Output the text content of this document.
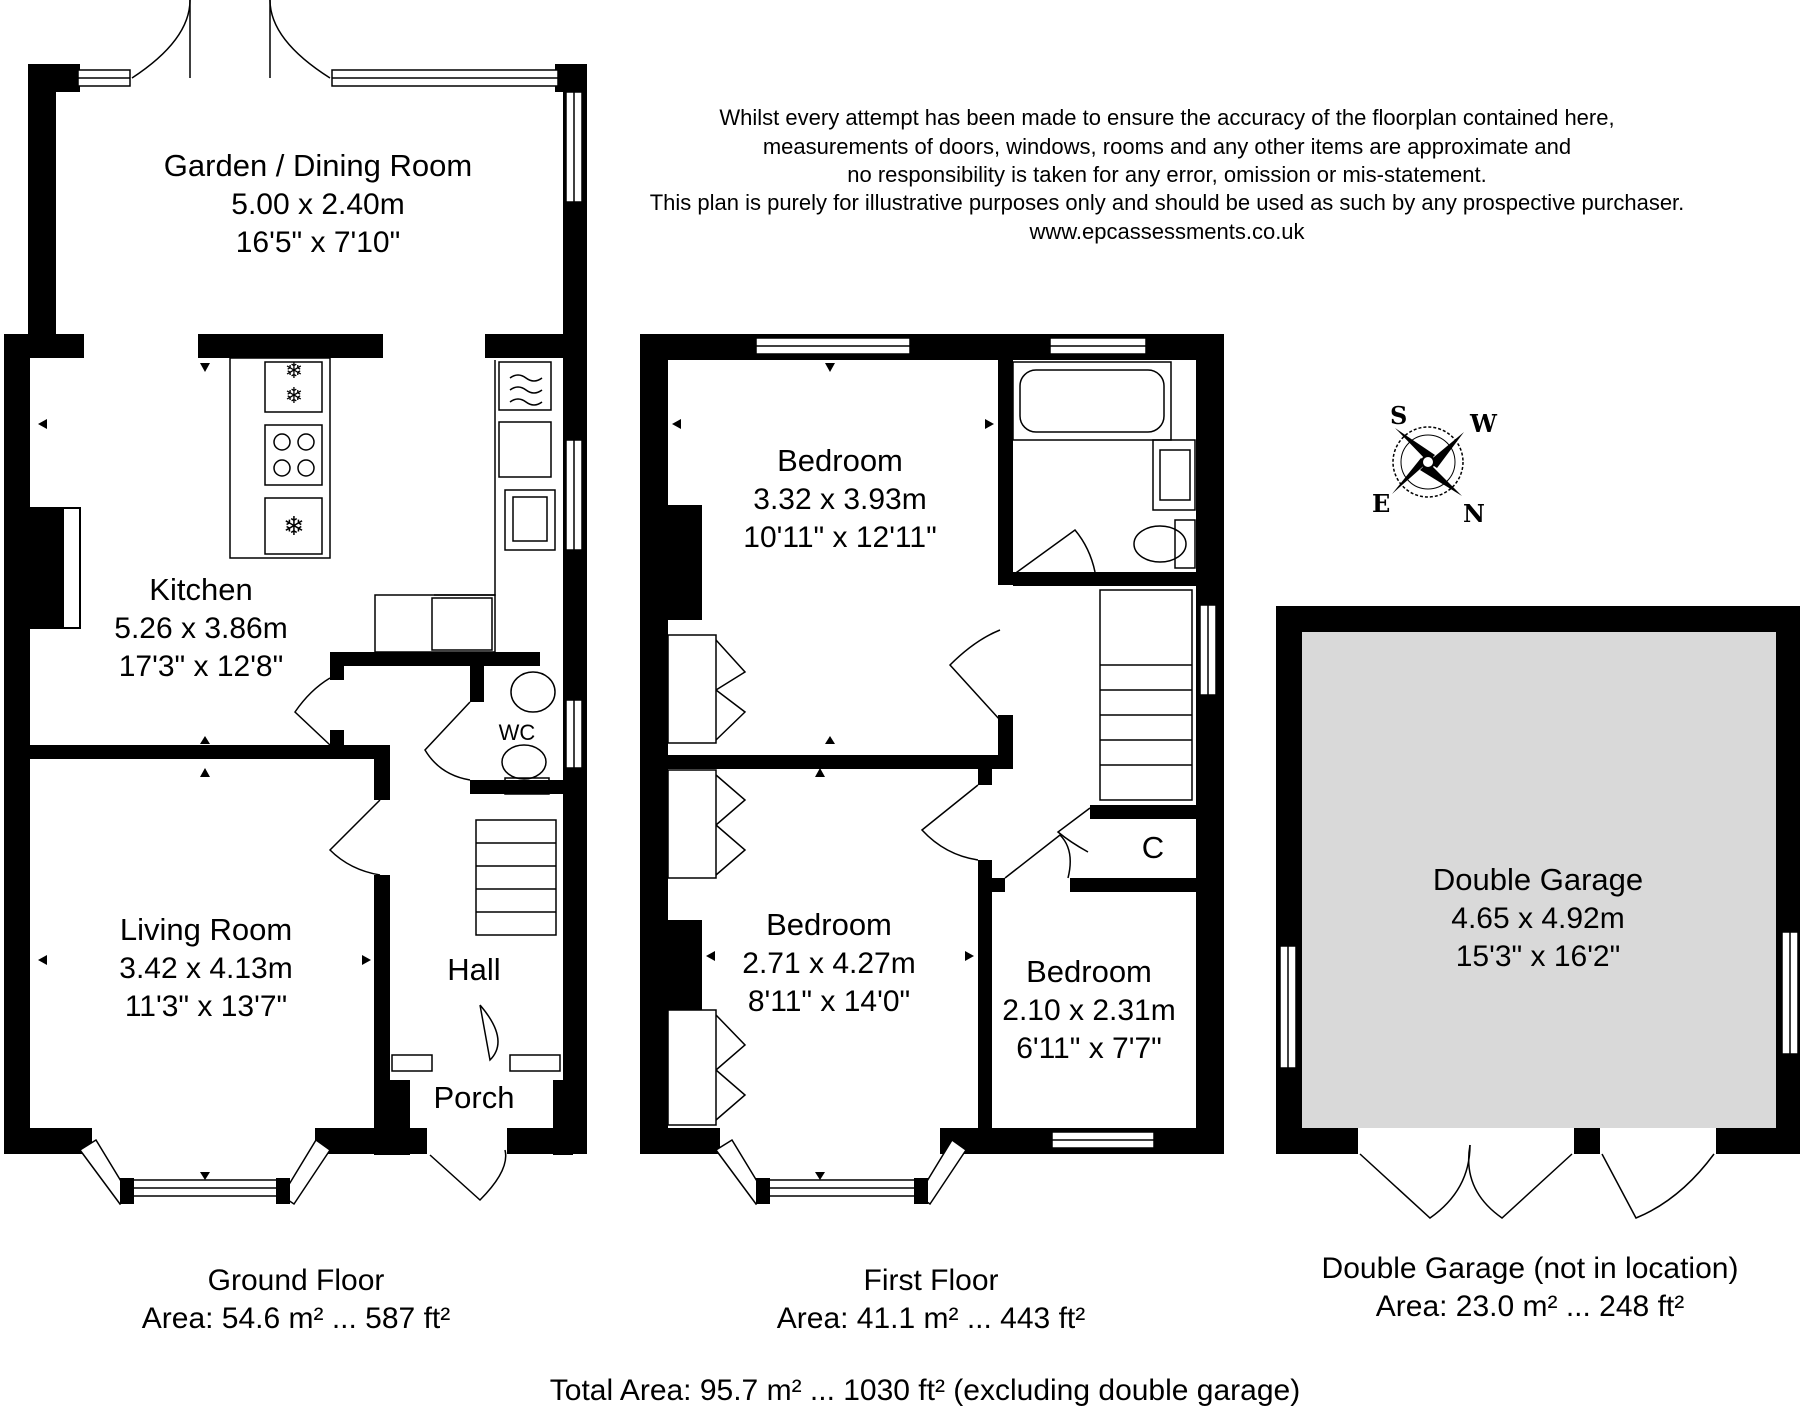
Whilst every attempt has been made to ensure the accuracy of the floorplan contained here,
measurements of doors, windows, rooms and any other items are approximate and
no responsibility is taken for any error, omission or mis-statement.
This plan is purely for illustrative purposes only and should be used as such by any prospective purchaser.
www.epcassessments.co.uk
S	W
E	N
❄
❄
❄
Garden / Dining Room
5.00 x 2.40m
16'5" x 7'10"
Kitchen
5.26 x 3.86m
17'3" x 12'8"
Living Room
3.42 x 4.13m
11'3" x 13'7"
WC
Hall
Porch
Ground Floor
Area: 54.6 m² ... 587 ft²
Bedroom
3.32 x 3.93m
10'11" x 12'11"
Bedroom
2.71 x 4.27m
8'11" x 14'0"
Bedroom
2.10 x 2.31m
6'11" x 7'7"
C
First Floor
Area: 41.1 m² ... 443 ft²
Double Garage
4.65 x 4.92m
15'3" x 16'2"
Double Garage (not in location)
Area: 23.0 m² ... 248 ft²
Total Area: 95.7 m² ... 1030 ft² (excluding double garage)
